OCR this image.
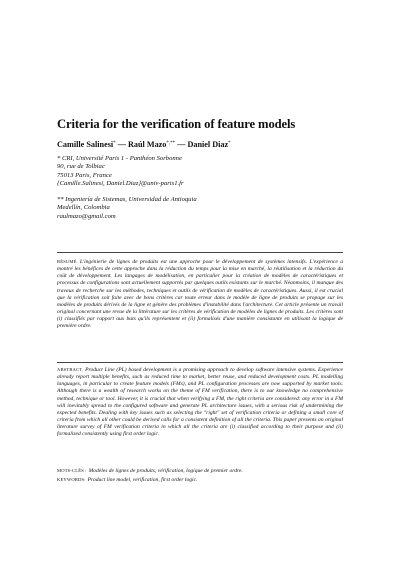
Criteria for the verification of feature models
Camille Salinesi* — Raúl Mazo*,** — Daniel Diaz*
* CRI, Université Paris 1 - Panthéon Sorbonne
90, rue de Tolbiac
75013 Paris, France
{Camille.Salinesi, Daniel.Diaz}@univ-paris1.fr
** Ingeniería de Sistemas, Universidad de Antioquia
Medellín, Colombia
raulmazo@gmail.com
RÉSUMÉ. L'ingénierie de lignes de produits est une approche pour le développement de systèmes intensifs. L'expérience a montré les bénéfices de cette approche dans la réduction du temps pour la mise en marché, la réutilisation et la réduction du coût de développement. Les langages de modélisation, en particulier pour la création de modèles de caractéristiques et processus de configurations sont actuellement supportés par quelques outils existants sur le marché. Néanmoins, il manque des travaux de recherche sur les méthodes, techniques et outils de vérification de modèles de caractéristiques. Aussi, il est crucial que la vérification soit faite avec de bons critères car toute erreur dans le modèle de ligne de produits se propage sur les modèles de produits dérivés de la ligne et génère des problèmes d'instabilité dans l'architecture. Cet article présente un travail original concernant une revue de la littérature sur les critères de vérification de modèles de lignes de produits. Les critères sont (i) classifiés par rapport aux buts qu'ils représentent et (ii) formalisés d'une manière consistante en utilisant la logique de première ordre.
ABSTRACT. Product Line (PL) based development is a promising approach to develop software intensive systems. Experience already report multiple benefits, such as reduced time to market, better reuse, and reduced development costs. PL modelling languages, in particular to create feature models (FMs), and PL configuration processes are now supported by market tools. Although there is a wealth of research works on the theme of FM verification, there is to our knowledge no comprehensive method, technique or tool. However, it is crucial that when verifying a FM, the right criteria are considered: any error in a FM will inevitably spread to the configured software and generate PL architecture issues, with a serious risk of undermining the expected benefits. Dealing with key issues such as selecting the "right" set of verification criteria or defining a small core of criteria from which all other could be derived calls for a consistent definition of all the criteria. This paper presents an original literature survey of FM verification criteria in which all the criteria are (i) classified according to their purpose and (ii) formalized consistently using first order logic.
MOTS-CLÉS : Modèles de lignes de produits, vérification, logique de premier ordre.
KEYWORDS: Product line model, verification, first order logic.
